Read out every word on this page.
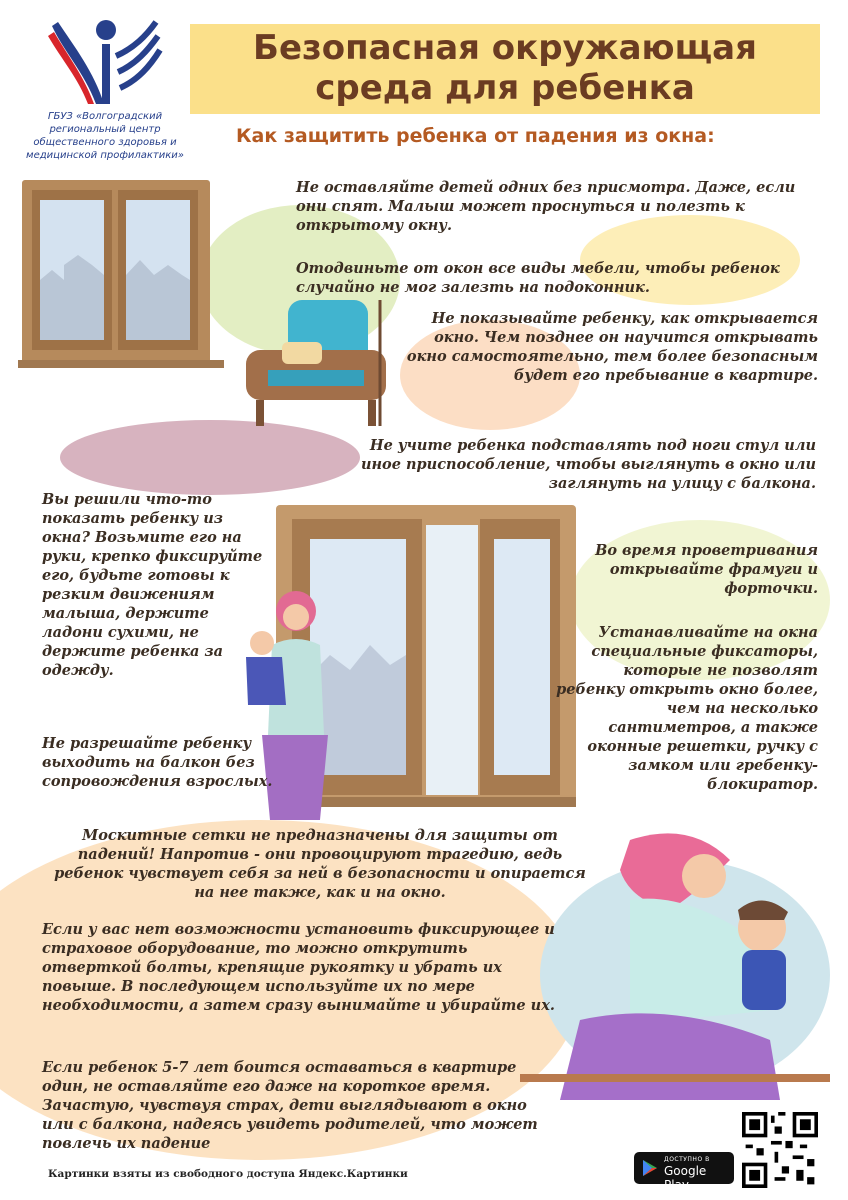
Безопасная окружающая среда для ребенка
Как защитить ребенка от падения из окна:
ГБУЗ «Волгоградский региональный центр общественного здоровья и медицинской профилактики»
Не оставляйте детей одних без присмотра. Даже, если они спят. Малыш может проснуться и полезть к открытому окну.
Отодвиньте от окон все виды мебели, чтобы ребенок случайно не мог залезть на подоконник.
Не показывайте ребенку, как открывается окно. Чем позднее он научится открывать окно самостоятельно, тем более безопасным будет его пребывание в квартире.
Не учите ребенка подставлять под ноги стул или иное приспособление, чтобы выглянуть в окно или заглянуть на улицу с балкона.
Вы решили что-то показать ребенку из окна? Возьмите его на руки, крепко фиксируйте его, будьте готовы к резким движениям малыша, держите ладони сухими, не держите ребенка за одежду.
Не разрешайте ребенку выходить на балкон без сопровождения взрослых.
Во время проветривания открывайте фрамуги и форточки.
Устанавливайте на окна специальные фиксаторы, которые не позволят ребенку открыть окно более, чем на несколько сантиметров, а также оконные решетки, ручку с замком или гребенку-блокиратор.
Москитные сетки не предназначены для защиты от падений! Напротив - они провоцируют трагедию, ведь ребенок чувствует себя за ней в безопасности и опирается на нее также, как и на окно.
Если у вас нет возможности установить фиксирующее и страховое оборудование, то можно открутить отверткой болты, крепящие рукоятку и убрать их повыше. В последующем используйте их по мере необходимости, а затем сразу вынимайте и убирайте их.
Если ребенок 5-7 лет боится оставаться в квартире один, не оставляйте его даже на короткое время. Зачастую, чувствуя страх, дети выглядывают в окно или с балкона, надеясь увидеть родителей, что может повлечь их падение
Картинки взяты из свободного доступа Яндекс.Картинки
ДОСТУПНО В
Google Play
